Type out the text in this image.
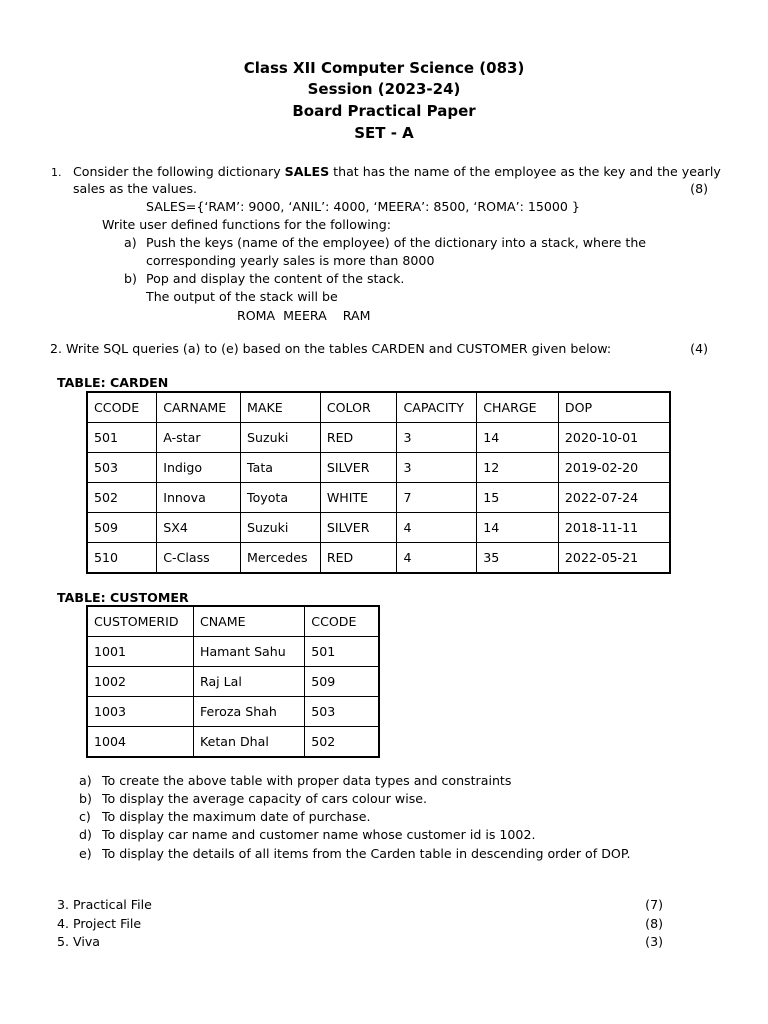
Class XII Computer Science (083)
Session (2023-24)
Board Practical Paper
SET - A
1. Consider the following dictionary SALES that has the name of the employee as the key and the yearly
sales as the values.	(8)
SALES={‘RAM’: 9000, ‘ANIL’: 4000, ‘MEERA’: 8500, ‘ROMA’: 15000 }
Write user defined functions for the following:
a) Push the keys (name of the employee) of the dictionary into a stack, where the
corresponding yearly sales is more than 8000
b) Pop and display the content of the stack.
The output of the stack will be
ROMA  MEERA    RAM
2. Write SQL queries (a) to (e) based on the tables CARDEN and CUSTOMER given below:	(4)
TABLE: CARDEN
CCODE	CARNAME	MAKE	COLOR	CAPACITY	CHARGE	DOP
501	A-star	Suzuki	RED	3	14	2020-10-01
503	Indigo	Tata	SILVER	3	12	2019-02-20
502	Innova	Toyota	WHITE	7	15	2022-07-24
509	SX4	Suzuki	SILVER	4	14	2018-11-11
510	C-Class	Mercedes	RED	4	35	2022-05-21
TABLE: CUSTOMER
CUSTOMERID	CNAME	CCODE
1001	Hamant Sahu	501
1002	Raj Lal	509
1003	Feroza Shah	503
1004	Ketan Dhal	502
a) To create the above table with proper data types and constraints
b) To display the average capacity of cars colour wise.
c) To display the maximum date of purchase.
d) To display car name and customer name whose customer id is 1002.
e) To display the details of all items from the Carden table in descending order of DOP.
3. Practical File	(7)
4. Project File	(8)
5. Viva	(3)
